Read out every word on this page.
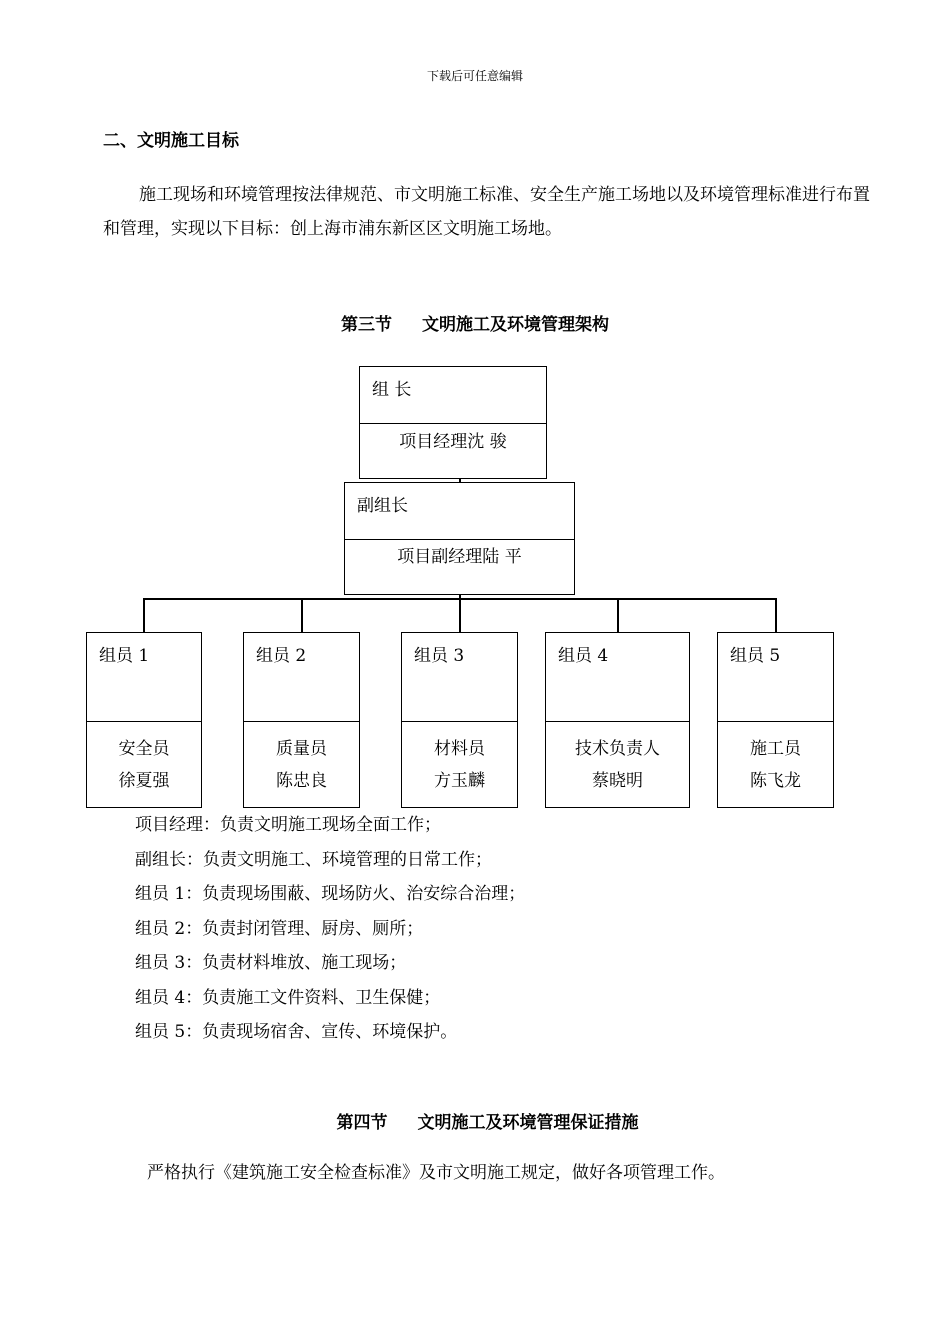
下载后可任意编辑
二、文明施工目标
施工现场和环境管理按法律规范、市文明施工标准、安全生产施工场地以及环境管理标准进行布置和管理，实现以下目标：创上海市浦东新区区文明施工场地。
第三节 文明施工及环境管理架构
组 长
项目经理沈 骏
副组长
项目副经理陆 平
组员 1
安全员
徐夏强
组员 2
质量员
陈忠良
组员 3
材料员
方玉麟
组员 4
技术负责人
蔡晓明
组员 5
施工员
陈飞龙
项目经理：负责文明施工现场全面工作；
副组长：负责文明施工、环境管理的日常工作；
组员 1：负责现场围蔽、现场防火、治安综合治理；
组员 2：负责封闭管理、厨房、厕所；
组员 3：负责材料堆放、施工现场；
组员 4：负责施工文件资料、卫生保健；
组员 5：负责现场宿舍、宣传、环境保护。
第四节 文明施工及环境管理保证措施
严格执行《建筑施工安全检查标准》及市文明施工规定，做好各项管理工作。
